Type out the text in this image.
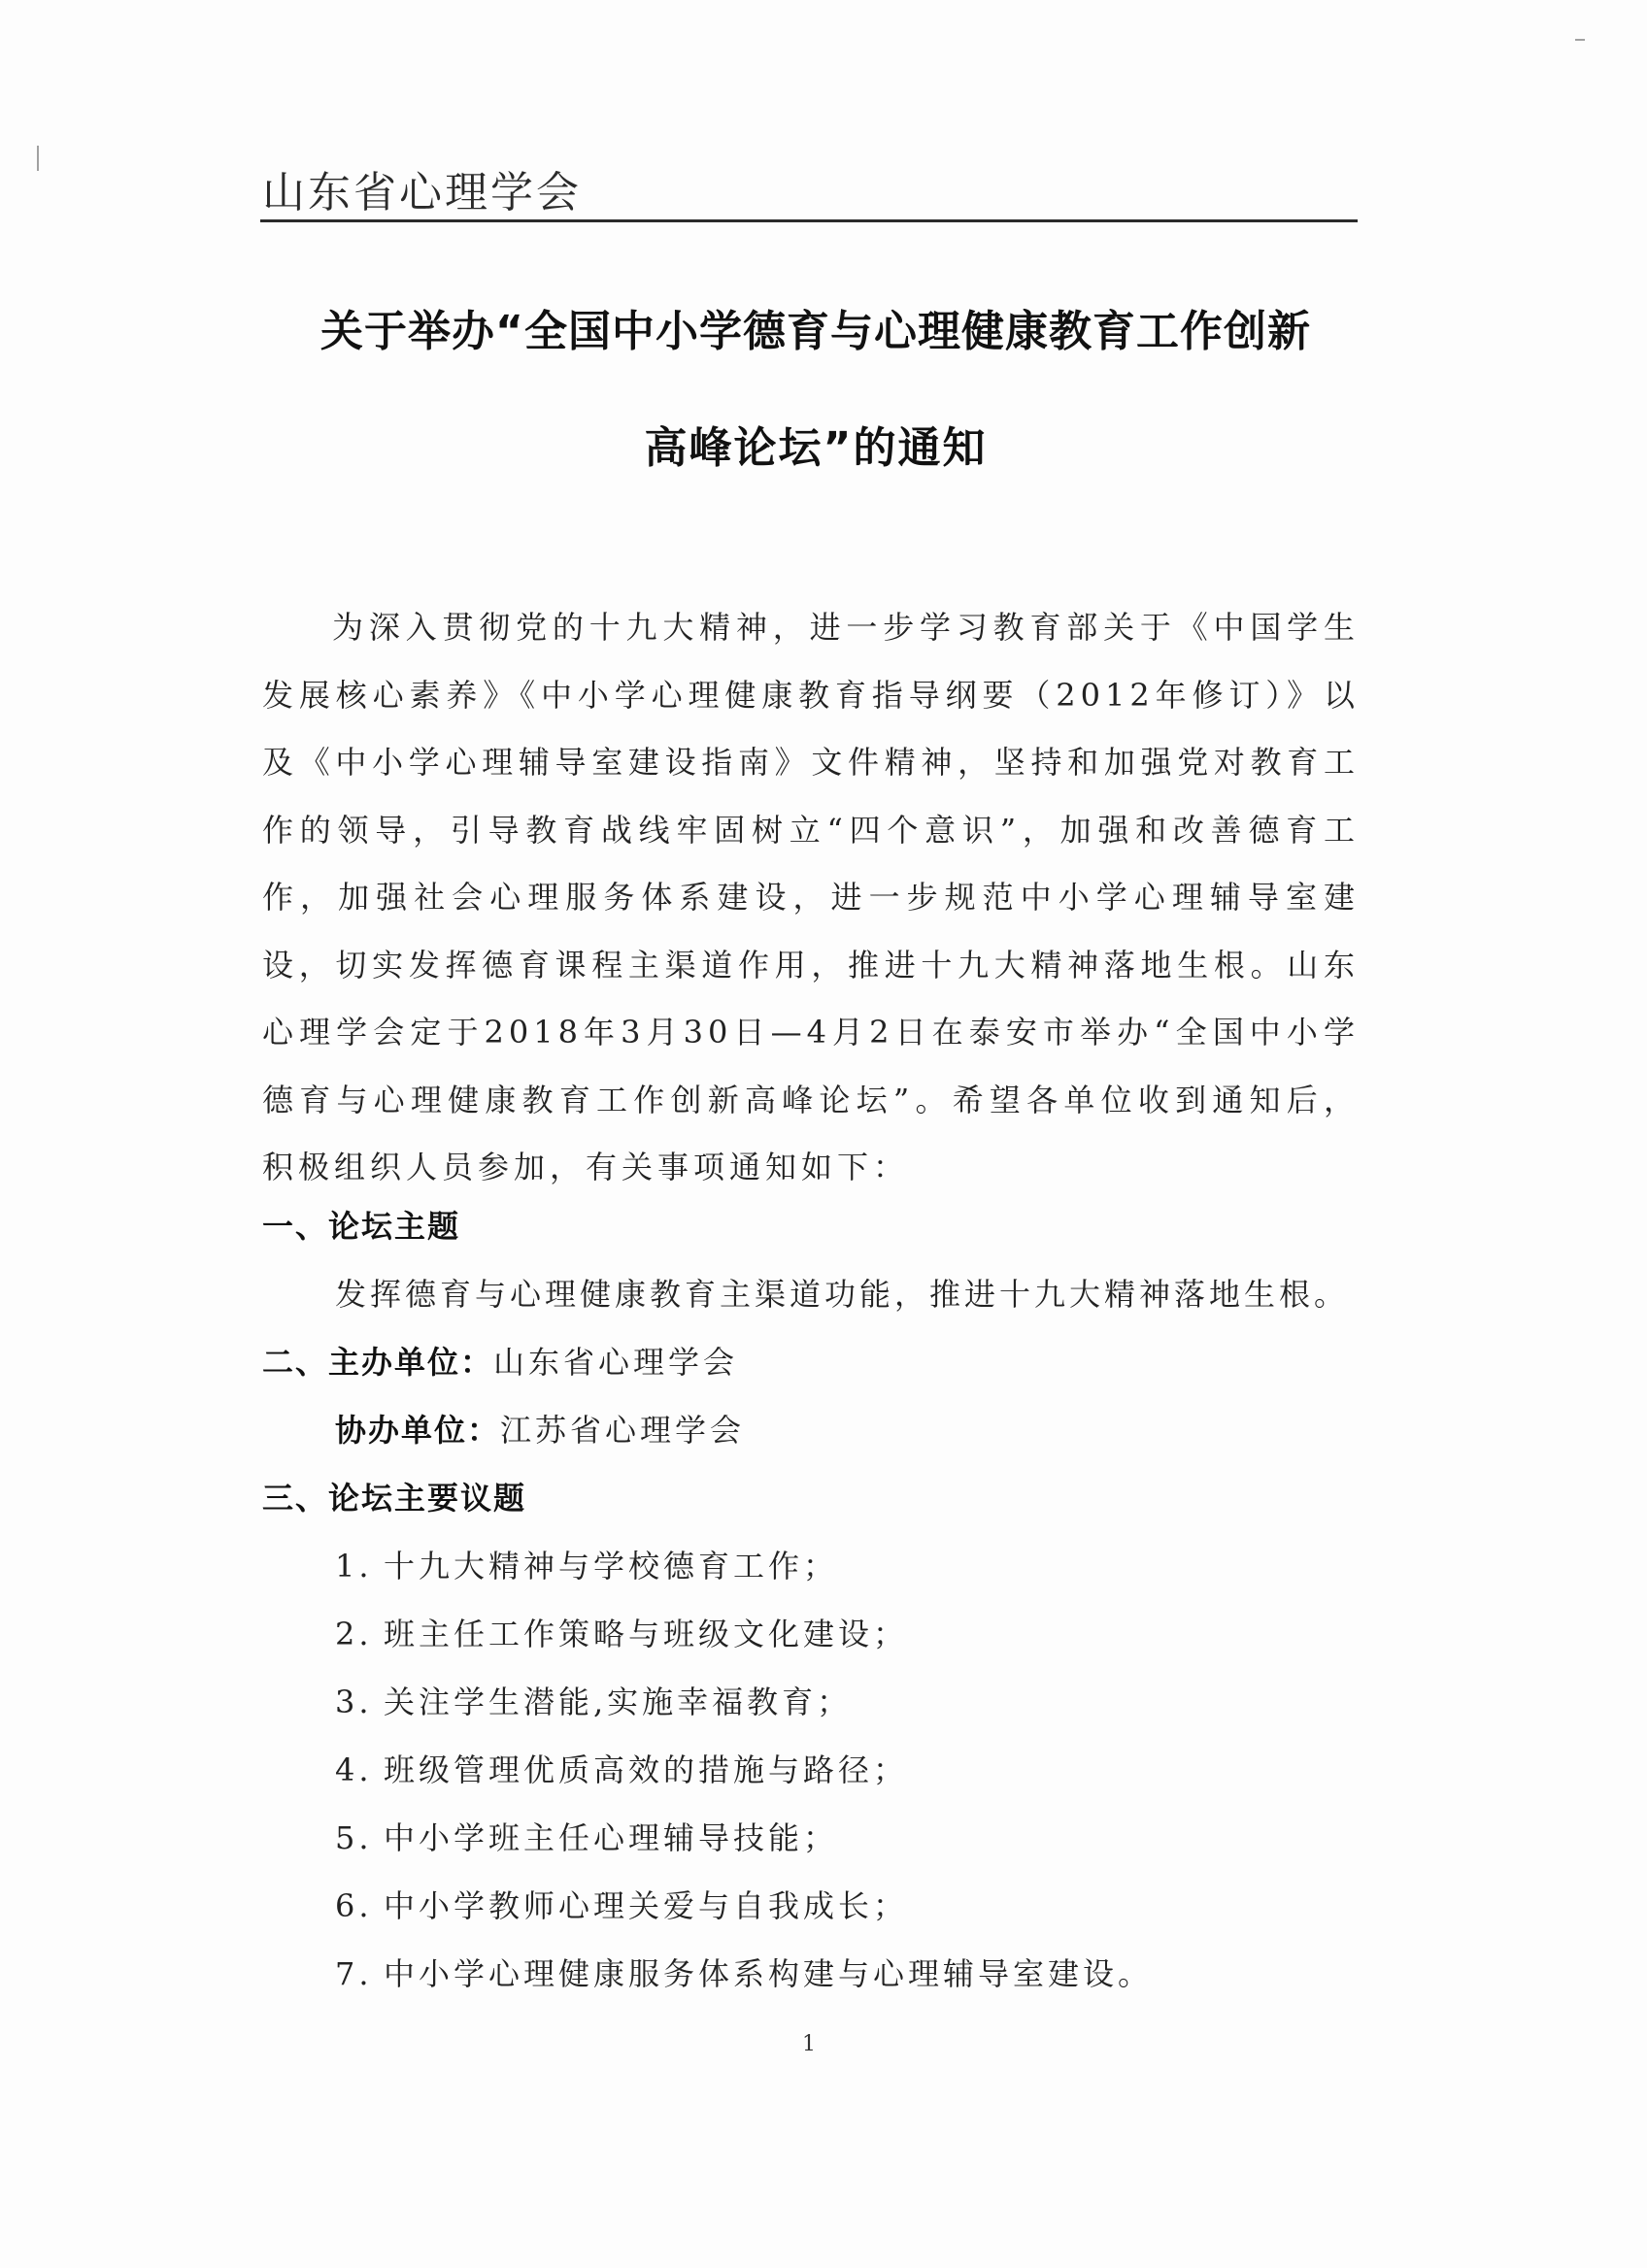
山东省心理学会
关于举办“全国中小学德育与心理健康教育工作创新
高峰论坛”的通知

为深入贯彻党的十九大精神，进一步学习教育部关于《中国学生发展核心素养》《中小学心理健康教育指导纲要（2012年修订）》以及《中小学心理辅导室建设指南》文件精神，坚持和加强党对教育工作的领导，引导教育战线牢固树立“四个意识”，加强和改善德育工作，加强社会心理服务体系建设，进一步规范中小学心理辅导室建设，切实发挥德育课程主渠道作用，推进十九大精神落地生根。山东心理学会定于2018年3月30日—4月2日在泰安市举办“全国中小学德育与心理健康教育工作创新高峰论坛”。希望各单位收到通知后，积极组织人员参加，有关事项通知如下：

一、论坛主题
发挥德育与心理健康教育主渠道功能，推进十九大精神落地生根。
二、主办单位：山东省心理学会
协办单位：江苏省心理学会
三、论坛主要议题
1. 十九大精神与学校德育工作；
2. 班主任工作策略与班级文化建设；
3. 关注学生潜能,实施幸福教育；
4. 班级管理优质高效的措施与路径；
5. 中小学班主任心理辅导技能；
6. 中小学教师心理关爱与自我成长；
7. 中小学心理健康服务体系构建与心理辅导室建设。
1
